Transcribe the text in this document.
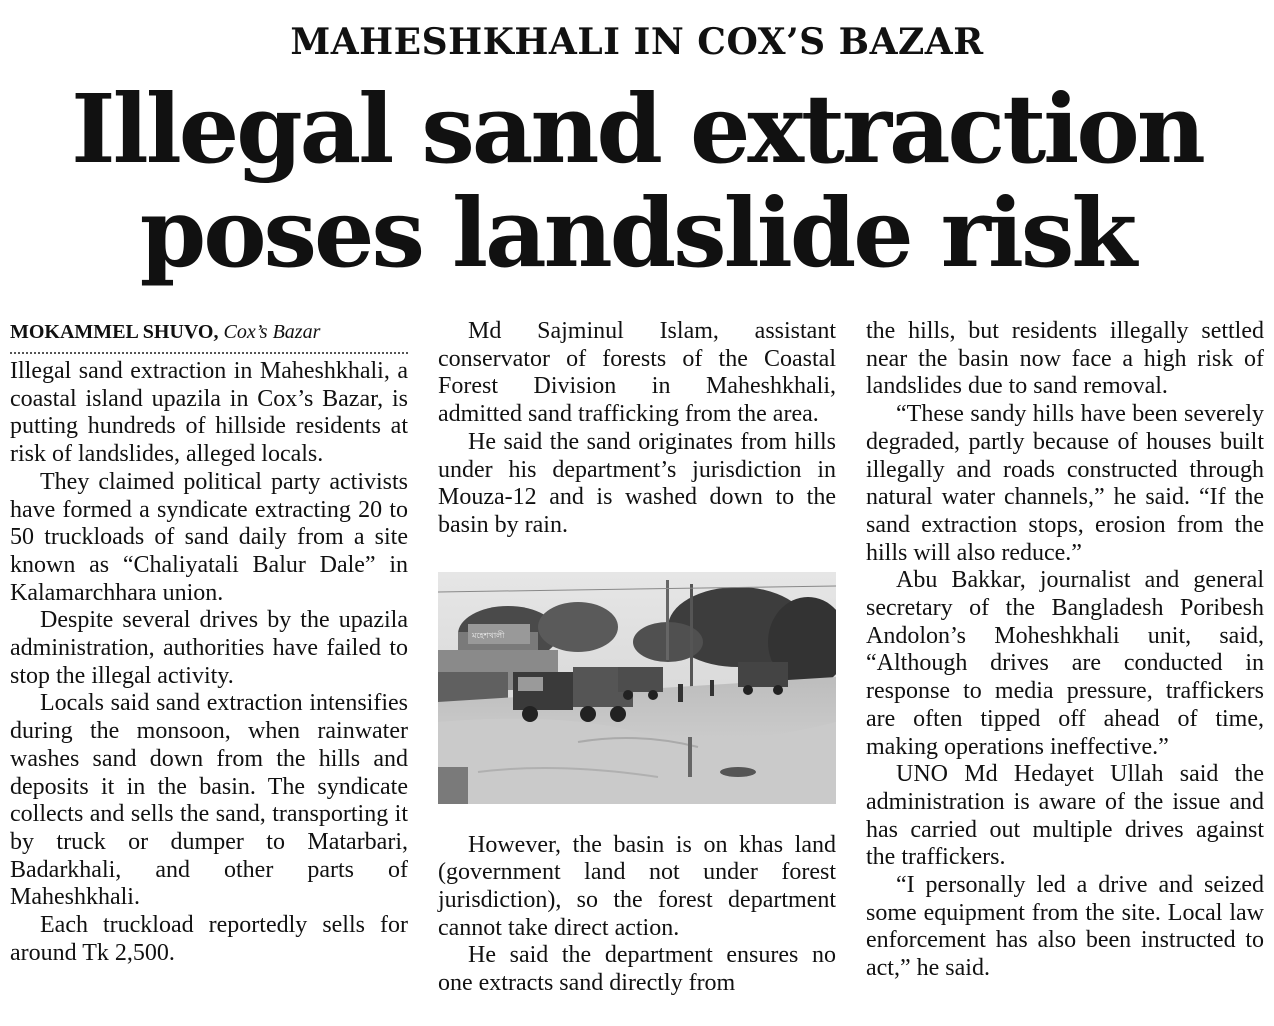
MAHESHKHALI IN COX’S BAZAR
Illegal sand extraction
poses landslide risk
MOKAMMEL SHUVO, Cox’s Bazar

Illegal sand extraction in Maheshkhali, a coastal island upazila in Cox’s Bazar, is putting hundreds of hillside residents at risk of landslides, alleged locals.

They claimed political party activists have formed a syndicate extracting 20 to 50 truckloads of sand daily from a site known as “Chaliyatali Balur Dale” in Kalamarchhara union.

Despite several drives by the upazila administration, authorities have failed to stop the illegal activity.

Locals said sand extraction intensifies during the monsoon, when rainwater washes sand down from the hills and deposits it in the basin. The syndicate collects and sells the sand, transporting it by truck or dumper to Matarbari, Badarkhali, and other parts of Maheshkhali.

Each truckload reportedly sells for around Tk 2,500.

Md Sajminul Islam, assistant conservator of forests of the Coastal Forest Division in Maheshkhali, admitted sand trafficking from the area.

He said the sand originates from hills under his department’s jurisdiction in Mouza-12 and is washed down to the basin by rain.

মহেশখালী

However, the basin is on khas land (government land not under forest jurisdiction), so the forest department cannot take direct action.

He said the department ensures no one extracts sand directly from

the hills, but residents illegally settled near the basin now face a high risk of landslides due to sand removal.

“These sandy hills have been severely degraded, partly because of houses built illegally and roads constructed through natural water channels,” he said. “If the sand extraction stops, erosion from the hills will also reduce.”

Abu Bakkar, journalist and general secretary of the Bangladesh Poribesh Andolon’s Moheshkhali unit, said, “Although drives are conducted in response to media pressure, traffickers are often tipped off ahead of time, making operations ineffective.”

UNO Md Hedayet Ullah said the administration is aware of the issue and has carried out multiple drives against the traffickers.

“I personally led a drive and seized some equipment from the site. Local law enforcement has also been instructed to act,” he said.
